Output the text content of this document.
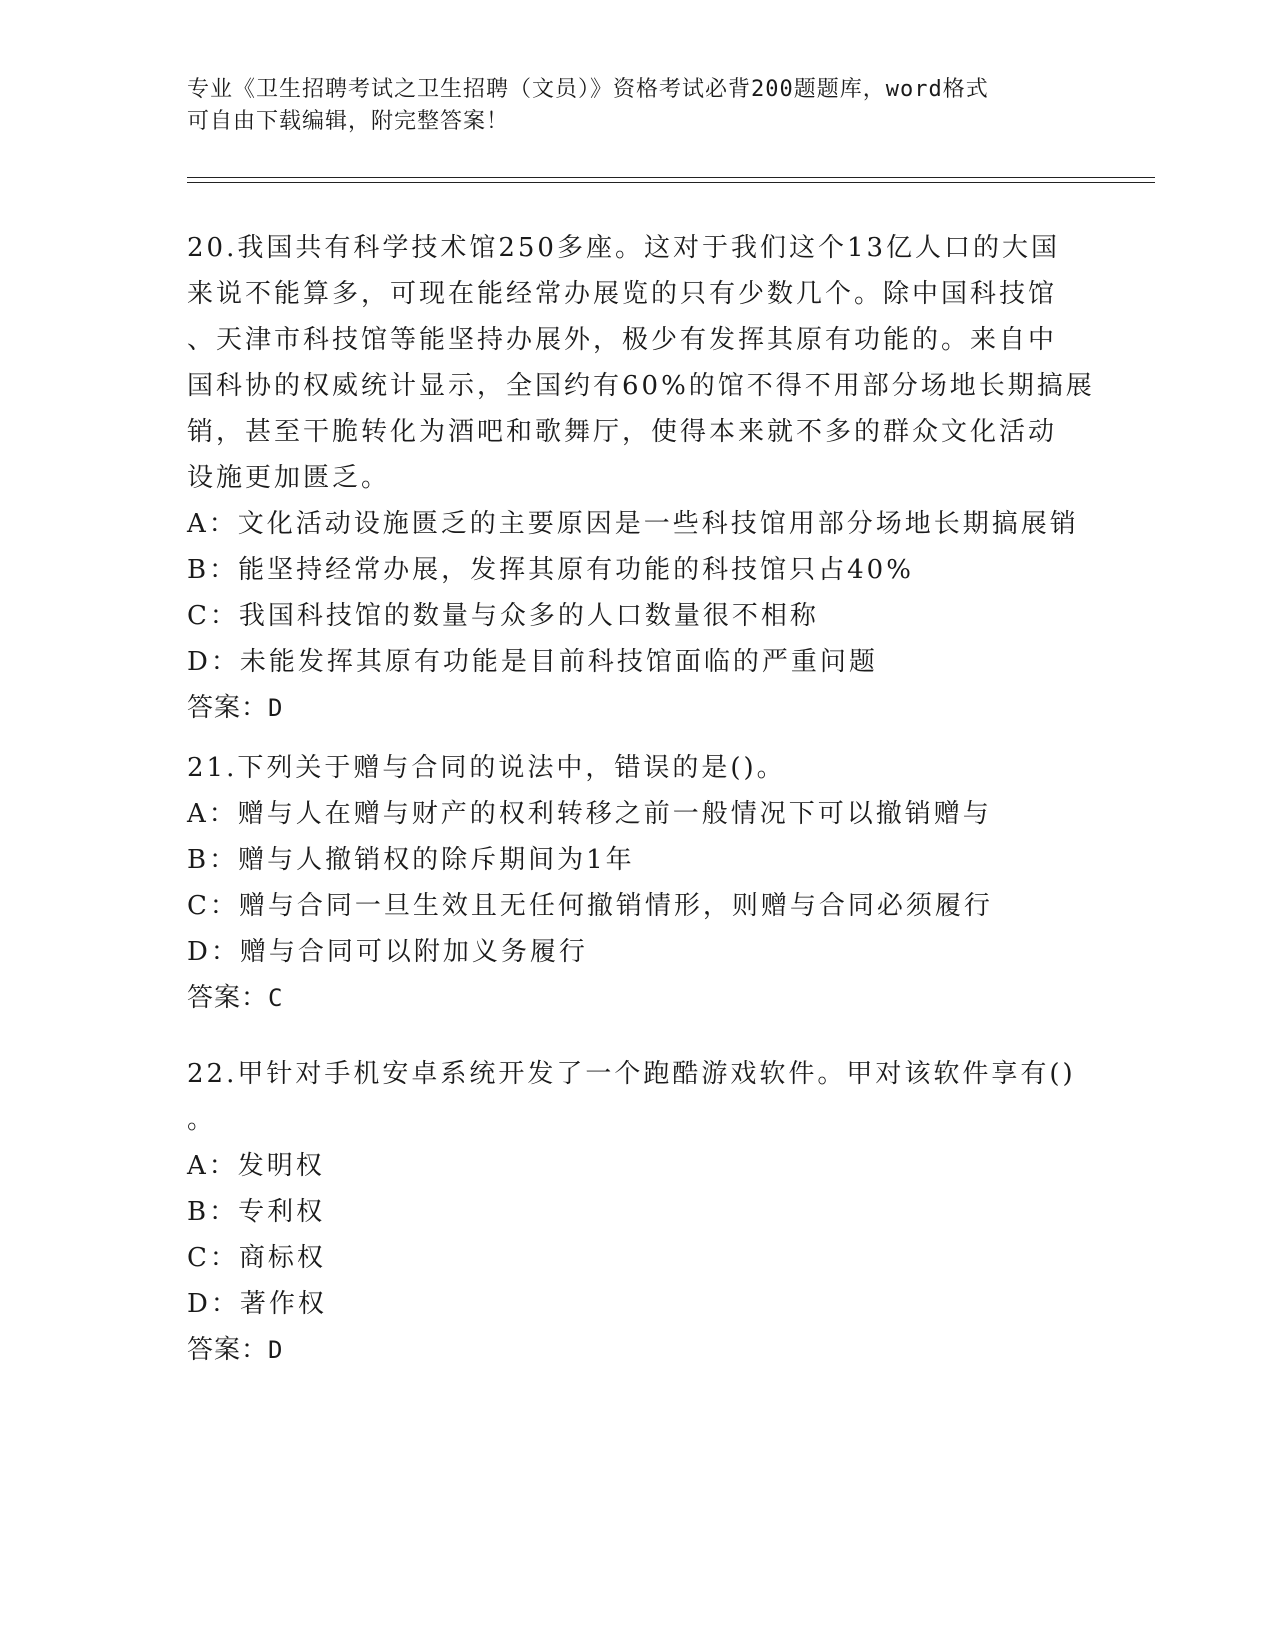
专业《卫生招聘考试之卫生招聘（文员）》资格考试必背200题题库，word格式
可自由下载编辑，附完整答案！
20.我国共有科学技术馆250多座。这对于我们这个13亿人口的大国
来说不能算多，可现在能经常办展览的只有少数几个。除中国科技馆
、天津市科技馆等能坚持办展外，极少有发挥其原有功能的。来自中
国科协的权威统计显示，全国约有60%的馆不得不用部分场地长期搞展
销，甚至干脆转化为酒吧和歌舞厅，使得本来就不多的群众文化活动
设施更加匮乏。
A：文化活动设施匮乏的主要原因是一些科技馆用部分场地长期搞展销
B：能坚持经常办展，发挥其原有功能的科技馆只占40%
C：我国科技馆的数量与众多的人口数量很不相称
D：未能发挥其原有功能是目前科技馆面临的严重问题
答案：D
21.下列关于赠与合同的说法中，错误的是()。
A：赠与人在赠与财产的权利转移之前一般情况下可以撤销赠与
B：赠与人撤销权的除斥期间为1年
C：赠与合同一旦生效且无任何撤销情形，则赠与合同必须履行
D：赠与合同可以附加义务履行
答案：C
22.甲针对手机安卓系统开发了一个跑酷游戏软件。甲对该软件享有()
。
A：发明权
B：专利权
C：商标权
D：著作权
答案：D
